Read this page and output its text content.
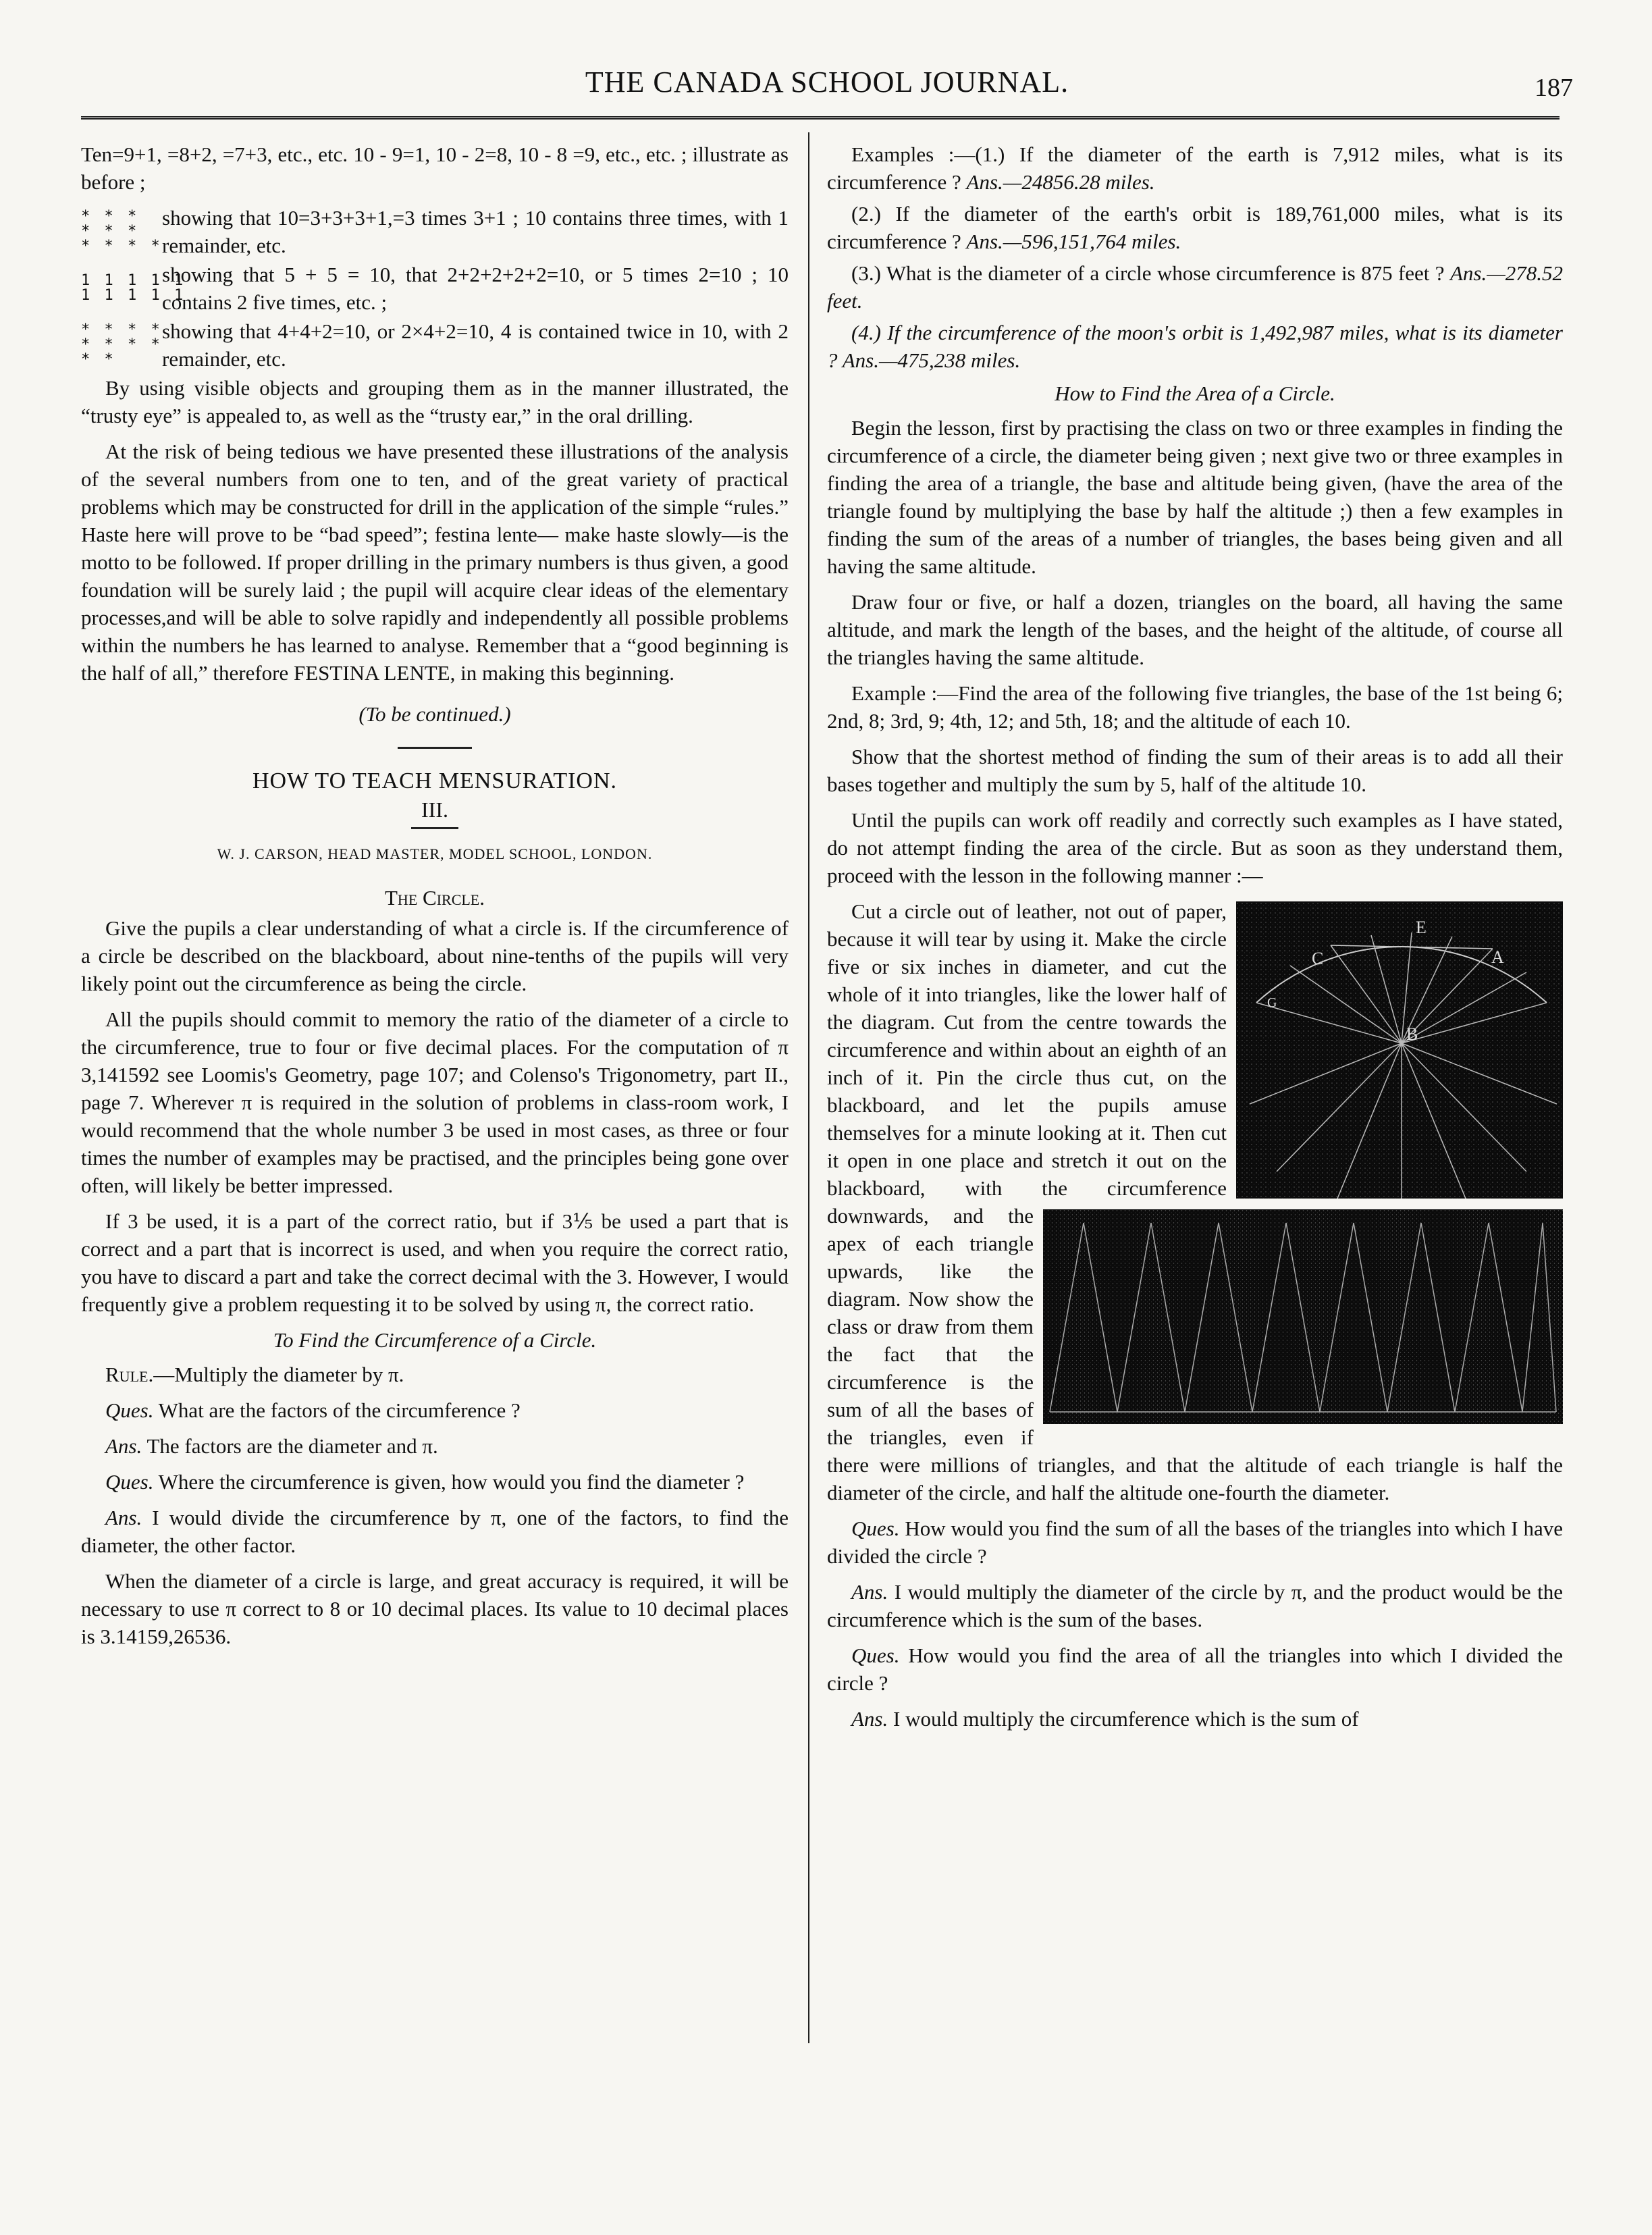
THE CANADA SCHOOL JOURNAL.	187

Ten=9+1, =8+2, =7+3, etc., etc. 10 - 9=1, 10 - 2=8, 10 - 8 =9, etc., etc. ; illustrate as before ;

* * *
* * *
* * * *
showing that 10=3+3+3+1,=3 times 3+1 ; 10 contains three times, with 1 remainder, etc.
1 1 1 1 1
1 1 1 1 1
showing that 5 + 5 = 10, that 2+2+2+2+2=10, or 5 times 2=10 ; 10 contains 2 five times, etc. ;
* * * *
* * * *
* *
showing that 4+4+2=10, or 2×4+2=10, 4 is contained twice in 10, with 2 remainder, etc.

By using visible objects and grouping them as in the manner illustrated, the “trusty eye” is appealed to, as well as the “trusty ear,” in the oral drilling.

At the risk of being tedious we have presented these illustrations of the analysis of the several numbers from one to ten, and of the great variety of practical problems which may be constructed for drill in the application of the simple “rules.” Haste here will prove to be “bad speed”; festina lente— make haste slowly—is the motto to be followed. If proper drilling in the primary numbers is thus given, a good foundation will be surely laid ; the pupil will acquire clear ideas of the elementary processes,and will be able to solve rapidly and independently all possible problems within the numbers he has learned to analyse. Remember that a “good beginning is the half of all,” therefore FESTINA LENTE, in making this beginning.

(To be continued.)

HOW TO TEACH MENSURATION.
III.
W. J. CARSON, HEAD MASTER, MODEL SCHOOL, LONDON.
The Circle.

Give the pupils a clear understanding of what a circle is. If the circumference of a circle be described on the blackboard, about nine-tenths of the pupils will very likely point out the circumference as being the circle.

All the pupils should commit to memory the ratio of the diameter of a circle to the circumference, true to four or five decimal places. For the computation of π 3,141592 see Loomis's Geometry, page 107; and Colenso's Trigonometry, part II., page 7. Wherever π is required in the solution of problems in class-room work, I would recommend that the whole number 3 be used in most cases, as three or four times the number of examples may be practised, and the principles being gone over often, will likely be better impressed.

If 3 be used, it is a part of the correct ratio, but if 3⅕ be used a part that is correct and a part that is incorrect is used, and when you require the correct ratio, you have to discard a part and take the correct decimal with the 3. However, I would frequently give a problem requesting it to be solved by using π, the correct ratio.

To Find the Circumference of a Circle.

Rule.—Multiply the diameter by π.

Ques. What are the factors of the circumference ?

Ans. The factors are the diameter and π.

Ques. Where the circumference is given, how would you find the diameter ?

Ans. I would divide the circumference by π, one of the factors, to find the diameter, the other factor.

When the diameter of a circle is large, and great accuracy is required, it will be necessary to use π correct to 8 or 10 decimal places. Its value to 10 decimal places is 3.14159,26536.

Examples :—(1.) If the diameter of the earth is 7,912 miles, what is its circumference ? Ans.—24856.28 miles.

(2.) If the diameter of the earth's orbit is 189,761,000 miles, what is its circumference ? Ans.—596,151,764 miles.

(3.) What is the diameter of a circle whose circumference is 875 feet ? Ans.—278.52 feet.

(4.) If the circumference of the moon's orbit is 1,492,987 miles, what is its diameter ? Ans.—475,238 miles.

How to Find the Area of a Circle.

Begin the lesson, first by practising the class on two or three examples in finding the circumference of a circle, the diameter being given ; next give two or three examples in finding the area of a triangle, the base and altitude being given, (have the area of the triangle found by multiplying the base by half the altitude ;) then a few examples in finding the sum of the areas of a number of triangles, the bases being given and all having the same altitude.

Draw four or five, or half a dozen, triangles on the board, all having the same altitude, and mark the length of the bases, and the height of the altitude, of course all the triangles having the same altitude.

Example :—Find the area of the following five triangles, the base of the 1st being 6; 2nd, 8; 3rd, 9; 4th, 12; and 5th, 18; and the altitude of each 10.

Show that the shortest method of finding the sum of their areas is to add all their bases together and multiply the sum by 5, half of the altitude 10.

Until the pupils can work off readily and correctly such examples as I have stated, do not attempt finding the area of the circle. But as soon as they understand them, proceed with the lesson in the following manner :—

C
E
A
B
G

Cut a circle out of leather, not out of paper, because it will tear by using it. Make the circle five or six inches in diameter, and cut the whole of it into triangles, like the lower half of the diagram. Cut from the centre towards the circumference and within about an eighth of an inch of it. Pin the circle thus cut, on the blackboard, and let the pupils amuse themselves for a minute looking at it. Then cut it open in one place and stretch it out on the blackboard, with the circumference downwards, and the apex of each triangle upwards, like the diagram. Now show the class or draw from them the fact that the circumference is the sum of all the bases of the triangles, even if there were millions of triangles, and that the altitude of each triangle is half the diameter of the circle, and half the altitude one-fourth the diameter.

Ques. How would you find the sum of all the bases of the triangles into which I have divided the circle ?

Ans. I would multiply the diameter of the circle by π, and the product would be the circumference which is the sum of the bases.

Ques. How would you find the area of all the triangles into which I divided the circle ?

Ans. I would multiply the circumference which is the sum of
